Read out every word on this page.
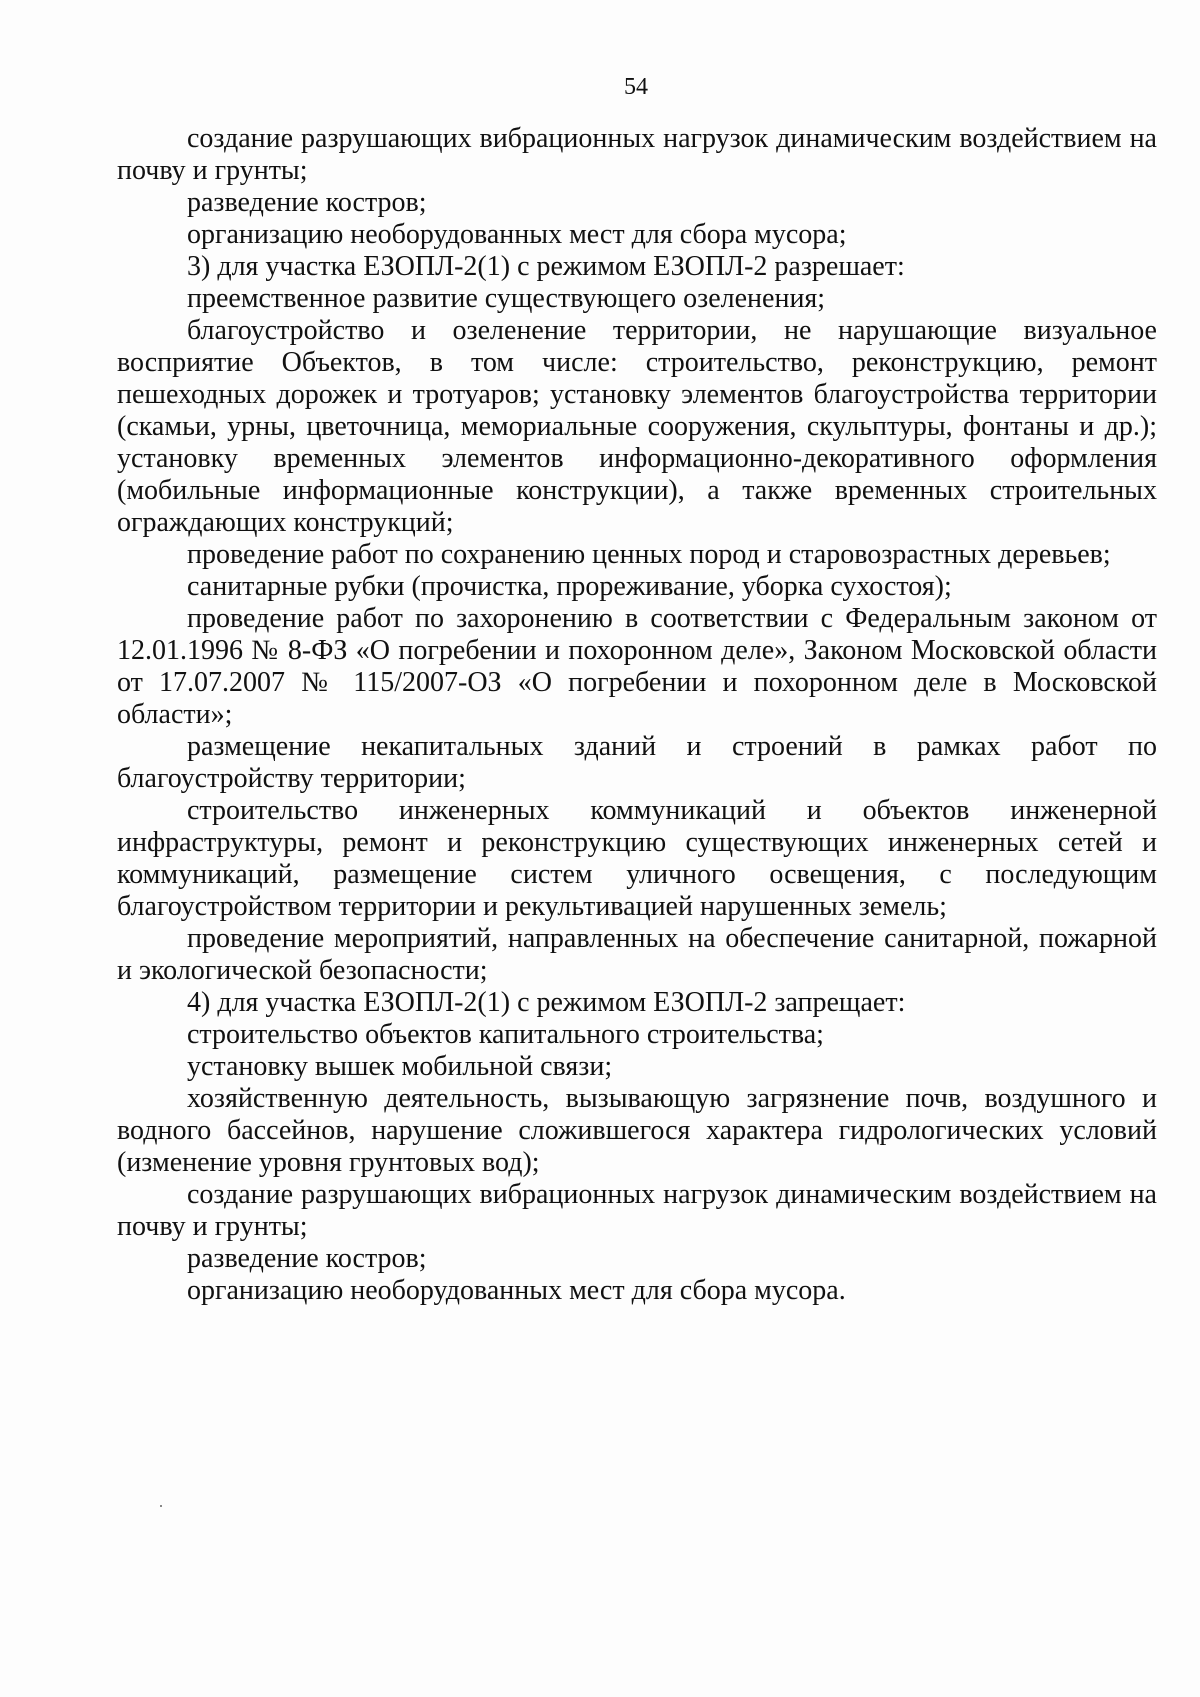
54

создание разрушающих вибрационных нагрузок динамическим воздействием на почву и грунты;

разведение костров;

организацию необорудованных мест для сбора мусора;

3) для участка ЕЗОПЛ-2(1) с режимом ЕЗОПЛ-2 разрешает:

преемственное развитие существующего озеленения;

благоустройство и озеленение территории, не нарушающие визуальное восприятие Объектов, в том числе: строительство, реконструкцию, ремонт пешеходных дорожек и тротуаров; установку элементов благоустройства территории (скамьи, урны, цветочница, мемориальные сооружения, скульптуры, фонтаны и др.); установку временных элементов информационно-декоративного оформления (мобильные информационные конструкции), а также временных строительных ограждающих конструкций;

проведение работ по сохранению ценных пород и старовозрастных деревьев;

санитарные рубки (прочистка, прореживание, уборка сухостоя);

проведение работ по захоронению в соответствии с Федеральным законом от 12.01.1996 № 8-ФЗ «О погребении и похоронном деле», Законом Московской области от 17.07.2007 № 115/2007-ОЗ «О погребении и похоронном деле в Московской области»;

размещение некапитальных зданий и строений в рамках работ по благоустройству территории;

строительство инженерных коммуникаций и объектов инженерной инфраструктуры, ремонт и реконструкцию существующих инженерных сетей и коммуникаций, размещение систем уличного освещения, с последующим благоустройством территории и рекультивацией нарушенных земель;

проведение мероприятий, направленных на обеспечение санитарной, пожарной и экологической безопасности;

4) для участка ЕЗОПЛ-2(1) с режимом ЕЗОПЛ-2 запрещает:

строительство объектов капитального строительства;

установку вышек мобильной связи;

хозяйственную деятельность, вызывающую загрязнение почв, воздушного и водного бассейнов, нарушение сложившегося характера гидрологических условий (изменение уровня грунтовых вод);

создание разрушающих вибрационных нагрузок динамическим воздействием на почву и грунты;

разведение костров;

организацию необорудованных мест для сбора мусора.
